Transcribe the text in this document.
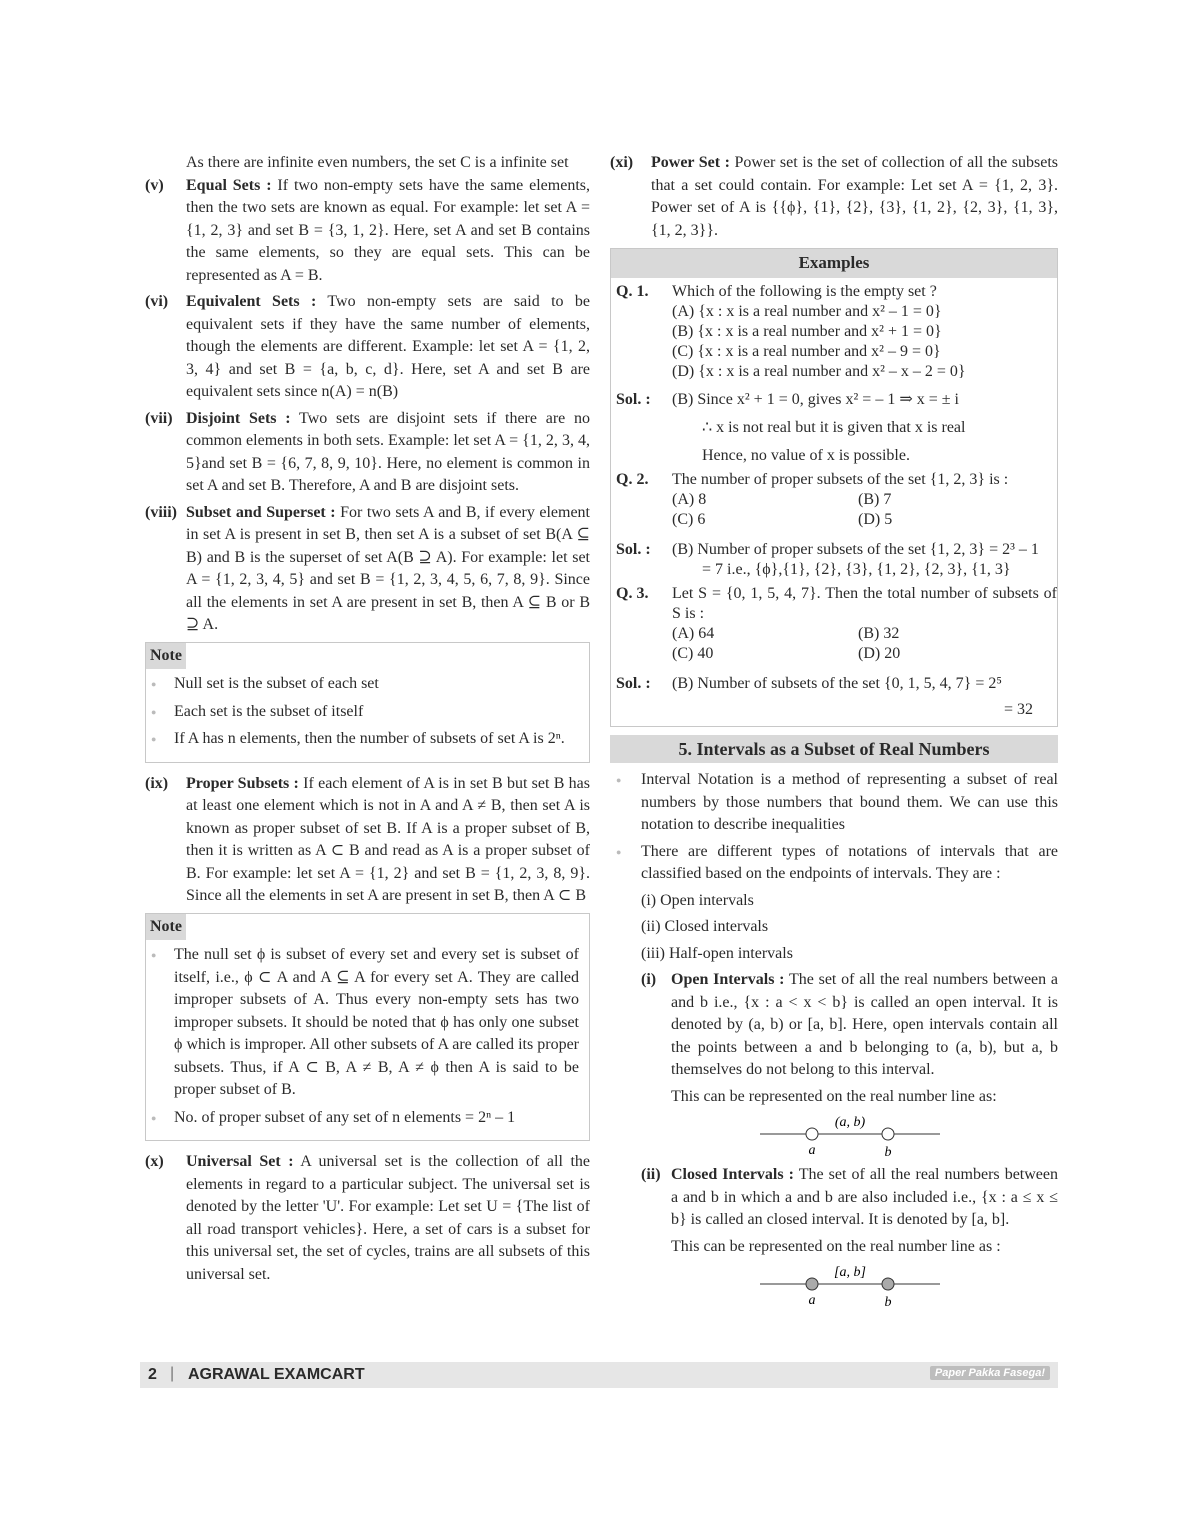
As there are infinite even numbers, the set C is a infinite set

(v) Equal Sets : If two non-empty sets have the same elements, then the two sets are known as equal. For example: let set A = {1, 2, 3} and set B = {3, 1, 2}. Here, set A and set B contains the same elements, so they are equal sets. This can be represented as A = B.
(vi) Equivalent Sets : Two non-empty sets are said to be equivalent sets if they have the same number of elements, though the elements are different. Example: let set A = {1, 2, 3, 4} and set B = {a, b, c, d}. Here, set A and set B are equivalent sets since n(A) = n(B)
(vii) Disjoint Sets : Two sets are disjoint sets if there are no common elements in both sets. Example: let set A = {1, 2, 3, 4, 5}and set B = {6, 7, 8, 9, 10}. Here, no element is common in set A and set B. Therefore, A and B are disjoint sets.
(viii) Subset and Superset : For two sets A and B, if every element in set A is present in set B, then set A is a subset of set B(A ⊆ B) and B is the superset of set A(B ⊇ A). For example: let set A = {1, 2, 3, 4, 5} and set B = {1, 2, 3, 4, 5, 6, 7, 8, 9}. Since all the elements in set A are present in set B, then A ⊆ B or B ⊇ A.
Note
● Null set is the subset of each set
● Each set is the subset of itself
● If A has n elements, then the number of subsets of set A is 2ⁿ.
(ix) Proper Subsets : If each element of A is in set B but set B has at least one element which is not in A and A ≠ B, then set A is known as proper subset of set B. If A is a proper subset of B, then it is written as A ⊂ B and read as A is a proper subset of B. For example: let set A = {1, 2} and set B = {1, 2, 3, 8, 9}. Since all the elements in set A are present in set B, then A ⊂ B
Note
● The null set ϕ is subset of every set and every set is subset of itself, i.e., ϕ ⊂ A and A ⊆ A for every set A. They are called improper subsets of A. Thus every non-empty sets has two improper subsets. It should be noted that ϕ has only one subset ϕ which is improper. All other subsets of A are called its proper subsets. Thus, if A ⊂ B, A ≠ B, A ≠ ϕ then A is said to be proper subset of B.
● No. of proper subset of any set of n elements = 2ⁿ – 1
(x) Universal Set : A universal set is the collection of all the elements in regard to a particular subject. The universal set is denoted by the letter 'U'. For example: Let set U = {The list of all road transport vehicles}. Here, a set of cars is a subset for this universal set, the set of cycles, trains are all subsets of this universal set.
(xi) Power Set : Power set is the set of collection of all the subsets that a set could contain. For example: Let set A = {1, 2, 3}. Power set of A is {{ϕ}, {1}, {2}, {3}, {1, 2}, {2, 3}, {1, 3}, {1, 2, 3}}.
Examples
Q. 1. Which of the following is the empty set ?
(A) {x : x is a real number and x² – 1 = 0}
(B) {x : x is a real number and x² + 1 = 0}
(C) {x : x is a real number and x² – 9 = 0}
(D) {x : x is a real number and x² – x – 2 = 0}
Sol. : (B) Since x² + 1 = 0, gives x² = – 1 ⇒ x = ± i
∴ x is not real but it is given that x is real
Hence, no value of x is possible.
Q. 2. The number of proper subsets of the set {1, 2, 3} is :
(A) 8	(B) 7
(C) 6	(D) 5
Sol. : (B) Number of proper subsets of the set {1, 2, 3} = 2³ – 1
= 7 i.e., {ϕ},{1}, {2}, {3}, {1, 2}, {2, 3}, {1, 3}
Q. 3. Let S = {0, 1, 5, 4, 7}. Then the total number of subsets of S is :
(A) 64	(B) 32
(C) 40	(D) 20
Sol. : (B) Number of subsets of the set {0, 1, 5, 4, 7} = 2⁵
= 32
5. Intervals as a Subset of Real Numbers

● Interval Notation is a method of representing a subset of real numbers by those numbers that bound them. We can use this notation to describe inequalities

● There are different types of notations of intervals that are classified based on the endpoints of intervals. They are :

(i) Open intervals

(ii) Closed intervals

(iii) Half-open intervals

(i) Open Intervals : The set of all the real numbers between a and b i.e., {x : a < x < b} is called an open interval. It is denoted by (a, b) or [a, b]. Here, open intervals contain all the points between a and b belonging to (a, b), but a, b themselves do not belong to this interval.

This can be represented on the real number line as:

(a, b)
a	b
(ii) Closed Intervals : The set of all the real numbers between a and b in which a and b are also included i.e., {x : a ≤ x ≤ b} is called an closed interval. It is denoted by [a, b].

This can be represented on the real number line as :

[a, b]
a	b
2 | AGRAWAL EXAMCART	Paper Pakka Fasega!
